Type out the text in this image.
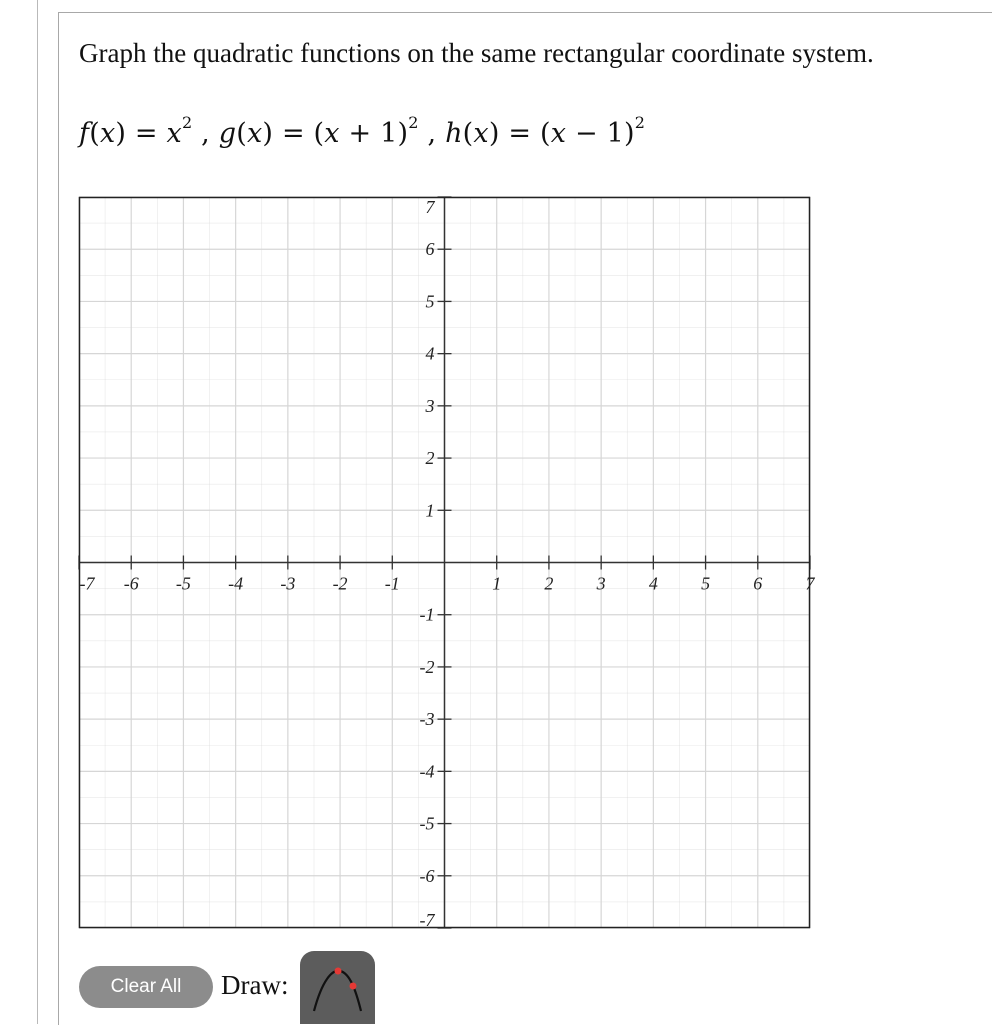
Graph the quadratic functions on the same rectangular coordinate system.
$f(x) = x^2$ , $g(x) = (x + 1)^2$ , $h(x) = (x - 1)^2$
-7 -6 -5 -4 -3 -2 -1	1 2 3 4 5 6 7
7
6
5
4
3
2
1
-1
-2
-3
-4
-5
-6
-7
Clear All	Draw:
